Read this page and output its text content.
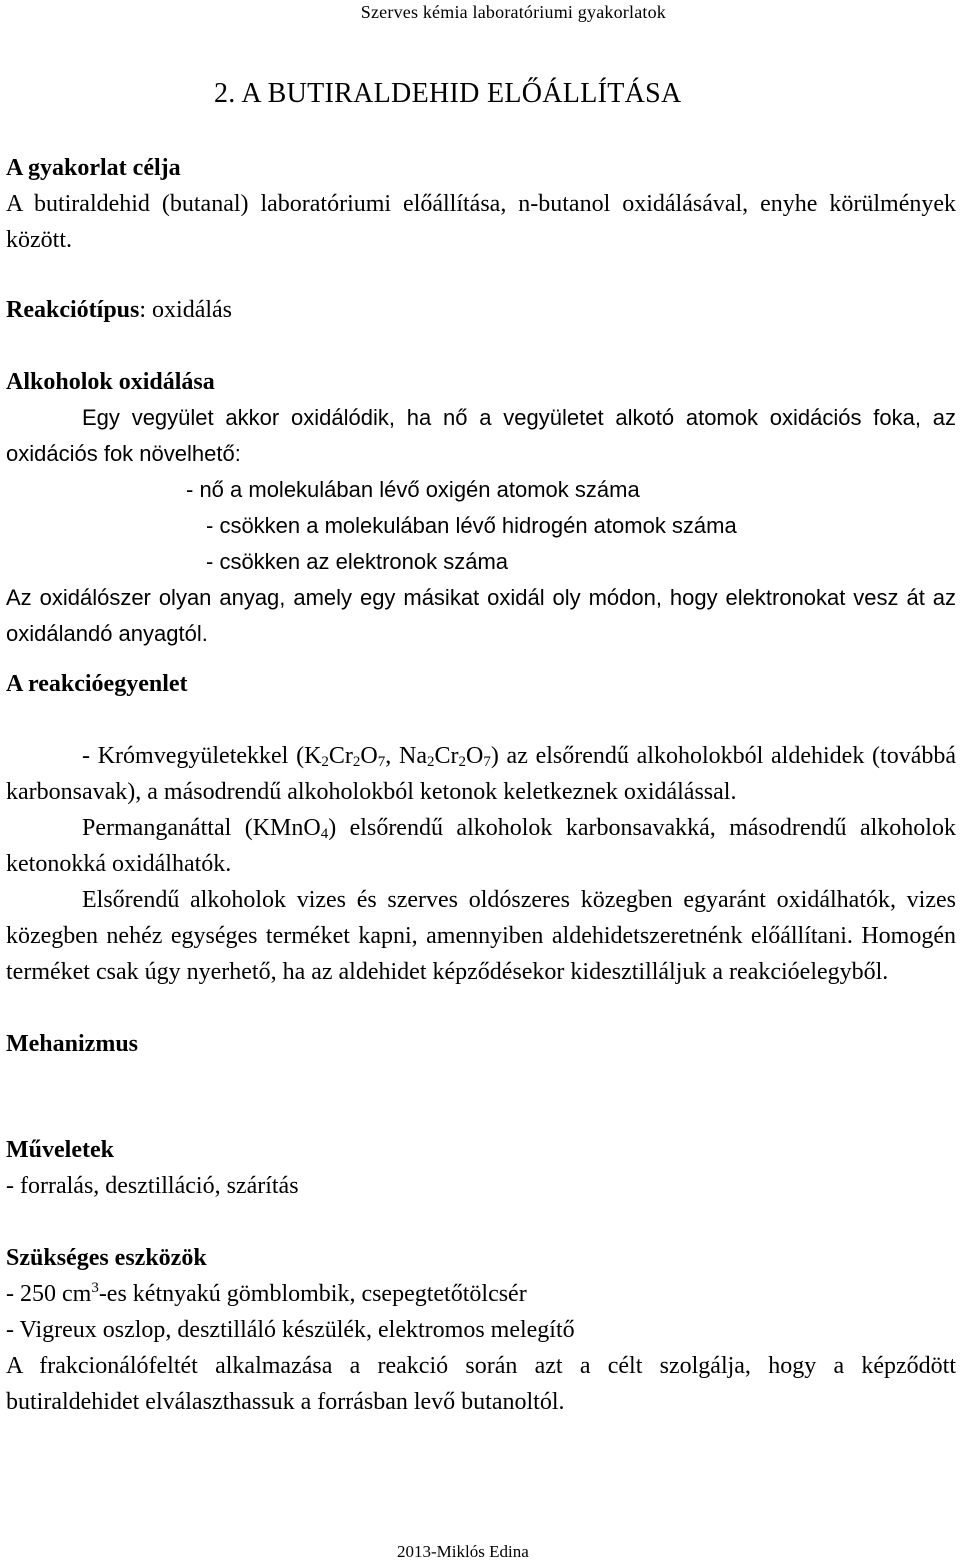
Szerves kémia laboratóriumi gyakorlatok
2. A BUTIRALDEHID ELŐÁLLÍTÁSA
A gyakorlat célja

A butiraldehid (butanal) laboratóriumi előállítása, n-butanol oxidálásával, enyhe körülmények között.

Reakciótípus: oxidálás
Alkoholok oxidálása

Egy vegyület akkor oxidálódik, ha nő a vegyületet alkotó atomok oxidációs foka, az oxidációs fok növelhető:

- nő a molekulában lévő oxigén atomok száma
- csökken a molekulában lévő hidrogén atomok száma
- csökken az elektronok száma

Az oxidálószer olyan anyag, amely egy másikat oxidál oly módon, hogy elektronokat vesz át az oxidálandó anyagtól.

A reakcióegyenlet

- Krómvegyületekkel ($K_2Cr_2O_7$, $Na_2Cr_2O_7$) az elsőrendű alkoholokból aldehidek (továbbá karbonsavak), a másodrendű alkoholokból ketonok keletkeznek oxidálással.

Permanganáttal (KMnO$_4$) elsőrendű alkoholok karbonsavakká, másodrendű alkoholok ketonokká oxidálhatók.

Elsőrendű alkoholok vizes és szerves oldószeres közegben egyaránt oxidálhatók, vizes közegben nehéz egységes terméket kapni, amennyiben aldehidetszeretnénk előállítani. Homogén terméket csak úgy nyerhető, ha az aldehidet képződésekor kidesztilláljuk a reakcióelegyből.

Mehanizmus
Műveletek
- forralás, desztilláció, szárítás
Szükséges eszközök
- 250 $cm^3-es$ kétnyakú gömblombik, csepegtetőtölcsér
- Vigreux oszlop, desztilláló készülék, elektromos melegítő

A frakcionálófeltét alkalmazása a reakció során azt a célt szolgálja, hogy a képződött butiraldehidet elválaszthassuk a forrásban levő butanoltól.

2013-Miklós Edina
